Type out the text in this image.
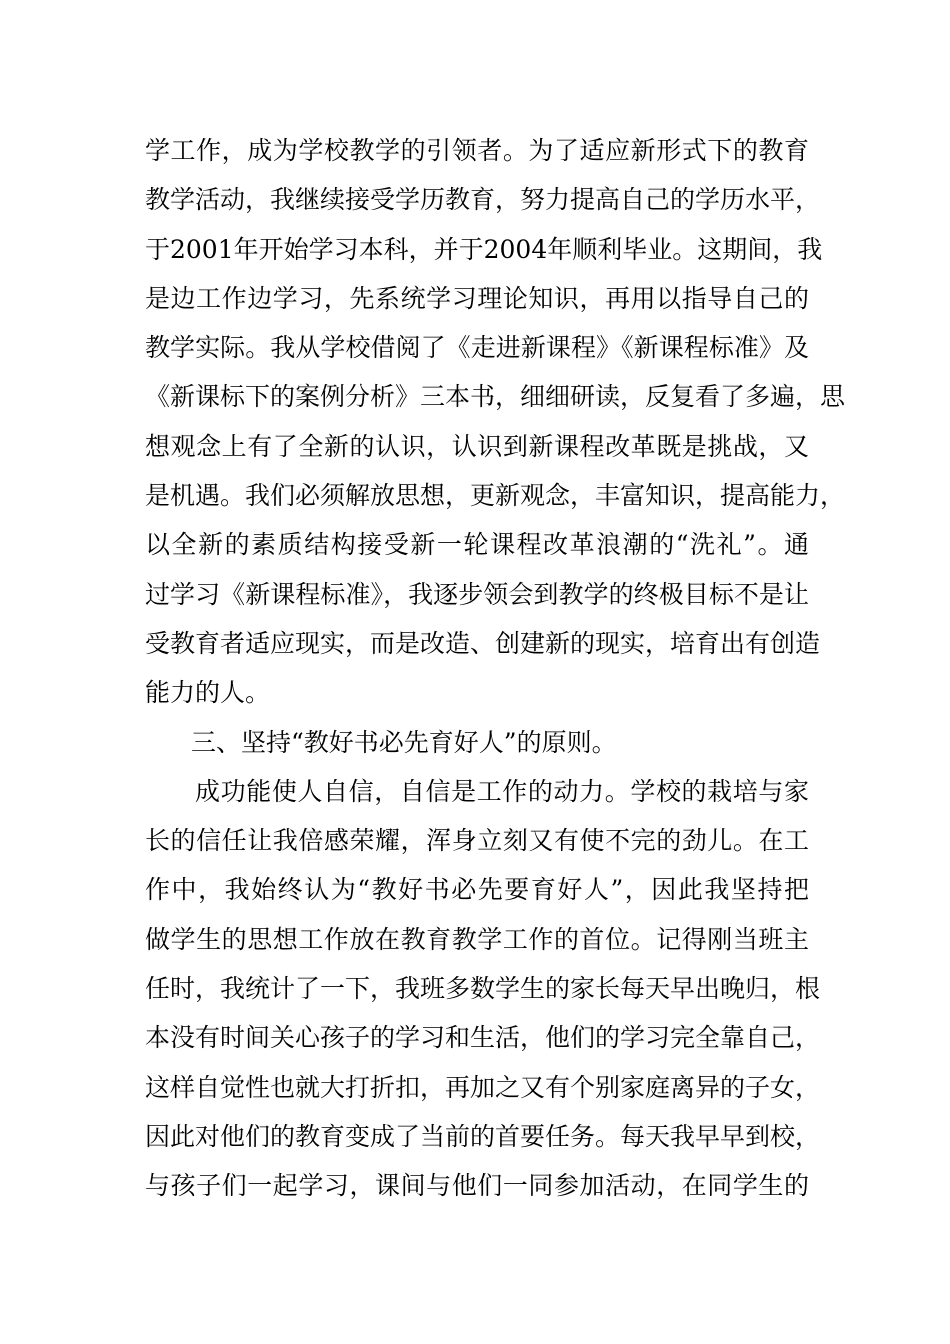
学工作，成为学校教学的引领者。为了适应新形式下的教育
教学活动，我继续接受学历教育，努力提高自己的学历水平，
于2001年开始学习本科，并于2004年顺利毕业。这期间，我
是边工作边学习，先系统学习理论知识，再用以指导自己的
教学实际。我从学校借阅了《走进新课程》《新课程标准》及
《新课标下的案例分析》三本书，细细研读，反复看了多遍，思
想观念上有了全新的认识，认识到新课程改革既是挑战，又
是机遇。我们必须解放思想，更新观念，丰富知识，提高能力，
以全新的素质结构接受新一轮课程改革浪潮的“洗礼”。通
过学习《新课程标准》，我逐步领会到教学的终极目标不是让
受教育者适应现实，而是改造、创建新的现实，培育出有创造
能力的人。
三、坚持“教好书必先育好人”的原则。
成功能使人自信，自信是工作的动力。学校的栽培与家
长的信任让我倍感荣耀，浑身立刻又有使不完的劲儿。在工
作中，我始终认为“教好书必先要育好人”，因此我坚持把
做学生的思想工作放在教育教学工作的首位。记得刚当班主
任时，我统计了一下，我班多数学生的家长每天早出晚归，根
本没有时间关心孩子的学习和生活，他们的学习完全靠自己，
这样自觉性也就大打折扣，再加之又有个别家庭离异的子女，
因此对他们的教育变成了当前的首要任务。每天我早早到校，
与孩子们一起学习，课间与他们一同参加活动，在同学生的
